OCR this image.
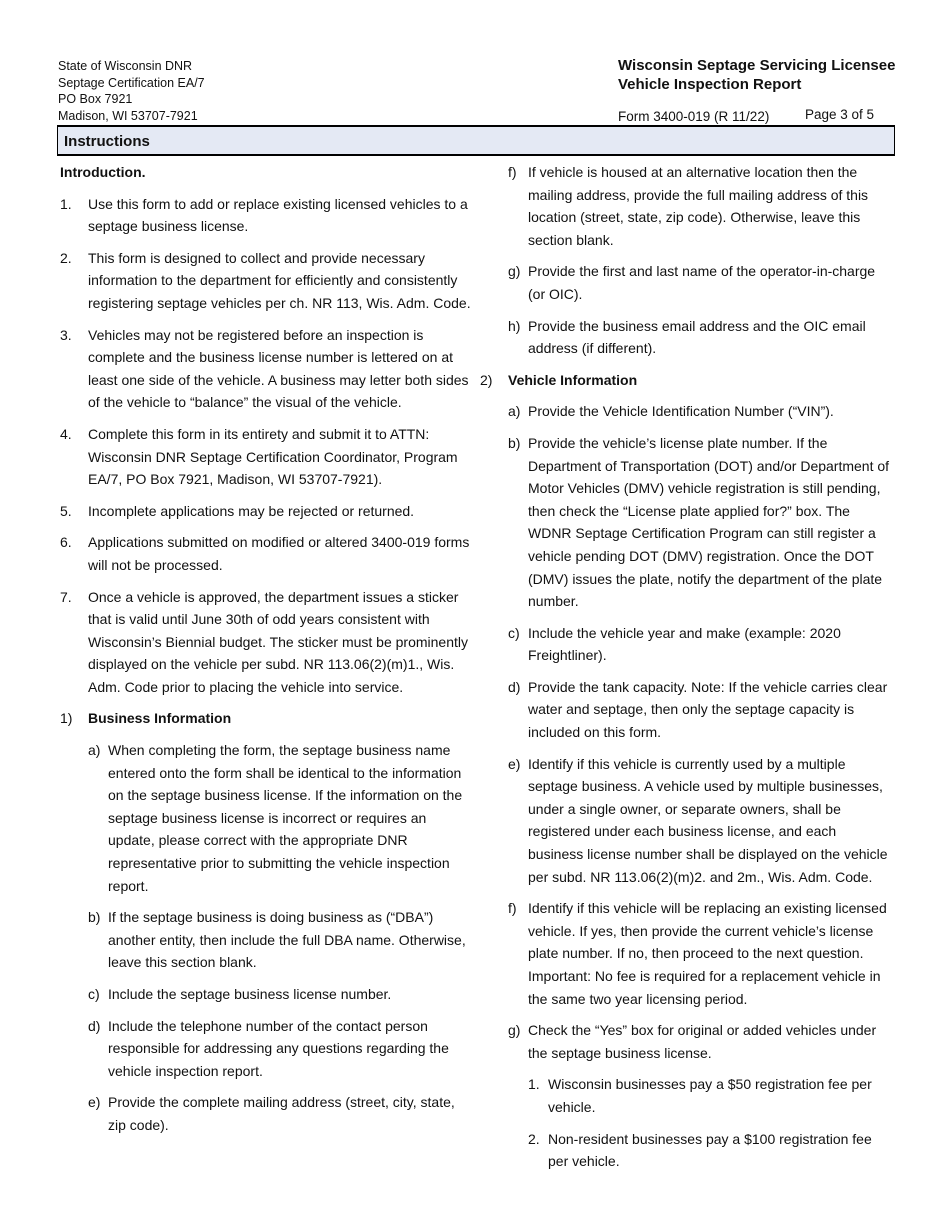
State of Wisconsin DNR
Septage Certification EA/7
PO Box 7921
Madison, WI 53707-7921
Wisconsin Septage Servicing Licensee
Vehicle Inspection Report
Form 3400-019 (R 11/22)	Page 3 of 5
Instructions
Introduction.
1.	Use this form to add or replace existing licensed vehicles to a septage business license.
2.	This form is designed to collect and provide necessary information to the department for efficiently and consistently registering septage vehicles per ch. NR 113, Wis. Adm. Code.
3.	Vehicles may not be registered before an inspection is complete and the business license number is lettered on at least one side of the vehicle. A business may letter both sides of the vehicle to “balance” the visual of the vehicle.
4.	Complete this form in its entirety and submit it to ATTN: Wisconsin DNR Septage Certification Coordinator, Program EA/7, PO Box 7921, Madison, WI 53707-7921).
5.	Incomplete applications may be rejected or returned.
6.	Applications submitted on modified or altered 3400-019 forms will not be processed.
7.	Once a vehicle is approved, the department issues a sticker that is valid until June 30th of odd years consistent with Wisconsin’s Biennial budget. The sticker must be prominently displayed on the vehicle per subd. NR 113.06(2)(m)1., Wis. Adm. Code prior to placing the vehicle into service.
1)	Business Information
a) When completing the form, the septage business name entered onto the form shall be identical to the information on the septage business license. If the information on the septage business license is incorrect or requires an update, please correct with the appropriate DNR representative prior to submitting the vehicle inspection report.
b) If the septage business is doing business as (“DBA”) another entity, then include the full DBA name. Otherwise, leave this section blank.
c) Include the septage business license number.
d) Include the telephone number of the contact person responsible for addressing any questions regarding the vehicle inspection report.
e) Provide the complete mailing address (street, city, state, zip code).
f) If vehicle is housed at an alternative location then the mailing address, provide the full mailing address of this location (street, state, zip code). Otherwise, leave this section blank.
g) Provide the first and last name of the operator-in-charge (or OIC).
h) Provide the business email address and the OIC email address (if different).
2)	Vehicle Information
a) Provide the Vehicle Identification Number (“VIN”).
b) Provide the vehicle’s license plate number. If the Department of Transportation (DOT) and/or Department of Motor Vehicles (DMV) vehicle registration is still pending, then check the “License plate applied for?” box. The WDNR Septage Certification Program can still register a vehicle pending DOT (DMV) registration. Once the DOT (DMV) issues the plate, notify the department of the plate number.
c) Include the vehicle year and make (example: 2020 Freightliner).
d) Provide the tank capacity. Note: If the vehicle carries clear water and septage, then only the septage capacity is included on this form.
e) Identify if this vehicle is currently used by a multiple septage business. A vehicle used by multiple businesses, under a single owner, or separate owners, shall be registered under each business license, and each business license number shall be displayed on the vehicle per subd. NR 113.06(2)(m)2. and 2m., Wis. Adm. Code.
f) Identify if this vehicle will be replacing an existing licensed vehicle. If yes, then provide the current vehicle’s license plate number. If no, then proceed to the next question. Important: No fee is required for a replacement vehicle in the same two year licensing period.
g) Check the “Yes” box for original or added vehicles under the septage business license.
1. Wisconsin businesses pay a $50 registration fee per vehicle.
2. Non-resident businesses pay a $100 registration fee per vehicle.
